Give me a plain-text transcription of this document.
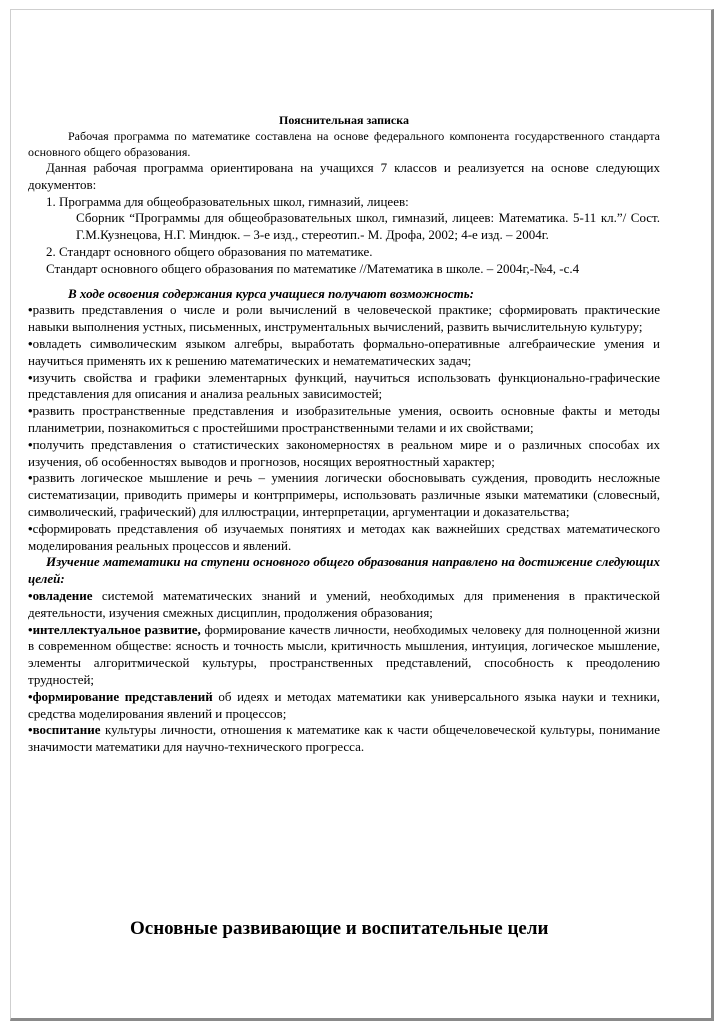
Пояснительная записка

Рабочая программа по математике составлена на основе федерального компонента государственного стандарта основного общего образования.

Данная рабочая программа ориентирована на учащихся 7 классов и реализуется на основе следующих документов:

1. Программа для общеобразовательных школ, гимназий, лицеев:
Сборник “Программы для общеобразовательных школ, гимназий, лицеев: Математика. 5-11 кл.”/ Сост. Г.М.Кузнецова, Н.Г. Миндюк. – 3-е изд., стереотип.- М. Дрофа, 2002; 4-е изд. – 2004г.
2. Стандарт основного общего образования по математике.
Стандарт основного общего образования по математике //Математика в школе. – 2004г,-№4, -с.4

В ходе освоения содержания курса учащиеся получают возможность:

•развить представления о числе и роли вычислений в человеческой практике; сформировать практические навыки выполнения устных, письменных, инструментальных вычислений, развить вычислительную культуру;

•овладеть символическим языком алгебры, выработать формально-оперативные алгебраические умения и научиться применять их к решению математических и нематематических задач;

•изучить свойства и графики элементарных функций, научиться использовать функционально-графические представления для описания и анализа реальных зависимостей;

•развить пространственные представления и изобразительные умения, освоить основные факты и методы планиметрии, познакомиться с простейшими пространственными телами и их свойствами;

•получить представления о статистических закономерностях в реальном мире и о различных способах их изучения, об особенностях выводов и прогнозов, носящих вероятностный характер;

•развить логическое мышление и речь – умениия логически обосновывать суждения, проводить несложные систематизации, приводить примеры и контрпримеры, использовать различные языки математики (словесный, символический, графический) для иллюстрации, интерпретации, аргументации и доказательства;

•сформировать представления об изучаемых понятиях и методах как важнейших средствах математического моделирования реальных процессов и явлений.

Изучение математики на ступени основного общего образования направлено на достижение следующих целей:

•овладение системой математических знаний и умений, необходимых для применения в практической деятельности, изучения смежных дисциплин, продолжения образования;

•интеллектуальное развитие, формирование качеств личности, необходимых человеку для полноценной жизни в современном обществе: ясность и точность мысли, критичность мышления, интуиция, логическое мышление, элементы алгоритмической культуры, пространственных представлений, способность к преодолению трудностей;

•формирование представлений об идеях и методах математики как универсального языка науки и техники, средства моделирования явлений и процессов;

•воспитание культуры личности, отношения к математике как к части общечеловеческой культуры, понимание значимости математики для научно-технического прогресса.

Основные развивающие и воспитательные цели
